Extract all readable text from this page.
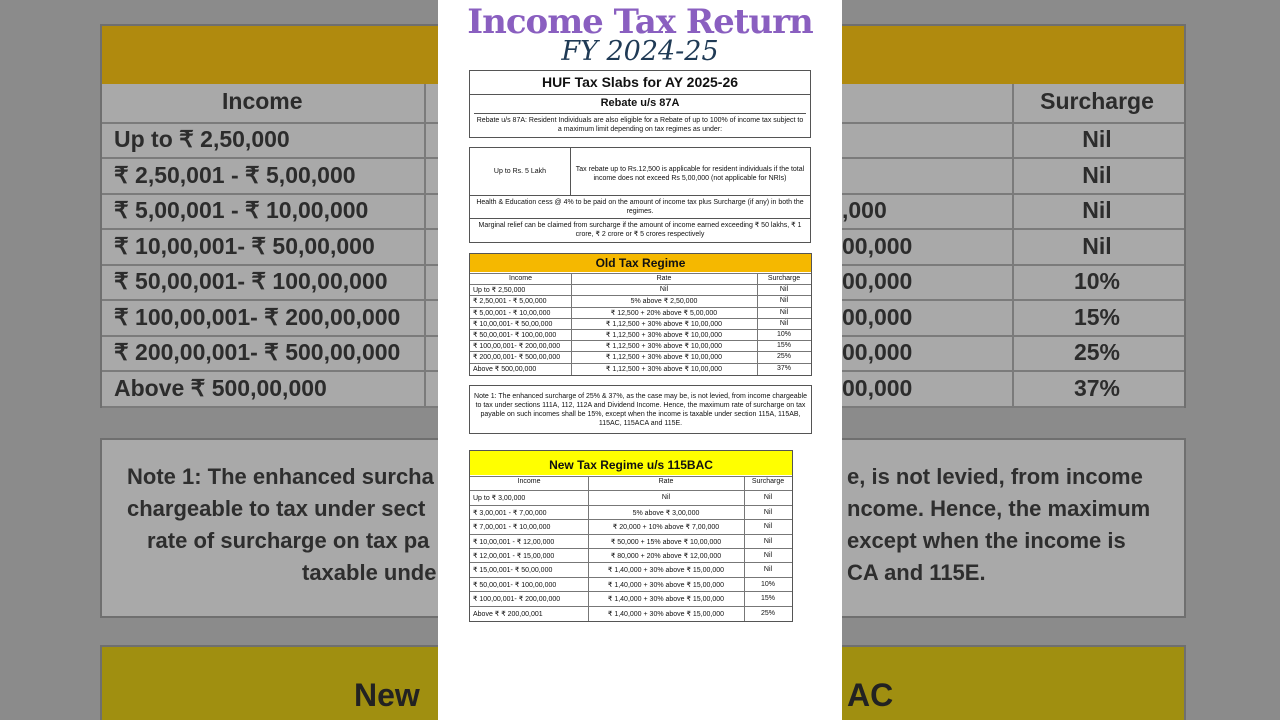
Income	Surcharge
Up to ₹ 2,50,000	Nil
₹ 2,50,001 - ₹ 5,00,000	Nil
₹ 5,00,001 - ₹ 10,00,000	,000	Nil
₹ 10,00,001- ₹ 50,00,000	00,000	Nil
₹ 50,00,001- ₹ 100,00,000	00,000	10%
₹ 100,00,001- ₹ 200,00,000	00,000	15%
₹ 200,00,001- ₹ 500,00,000	00,000	25%
Above ₹ 500,00,000	00,000	37%
Note 1: The enhanced surcha
chargeable to tax under sect
rate of surcharge on tax pa
taxable unde
e, is not levied, from income
ncome. Hence, the maximum
except when the income is
CA and 115E.
New	AC
Income Tax Return
FY 2024-25
HUF Tax Slabs for AY 2025-26
Rebate u/s 87A
Rebate u/s 87A: Resident Individuals are also eligible for a Rebate of up to 100% of income tax subject to a maximum limit depending on tax regimes as under:
Up to Rs. 5 Lakh	Tax rebate up to Rs.12,500 is applicable for resident individuals if the total income does not exceed Rs 5,00,000 (not applicable for NRIs)
Health & Education cess @ 4% to be paid on the amount of income tax plus Surcharge (if any) in both the regimes.
Marginal relief can be claimed from surcharge if the amount of income earned exceeding ₹ 50 lakhs, ₹ 1 crore, ₹ 2 crore or ₹ 5 crores respectively
Old Tax Regime
Income	Rate	Surcharge
Up to ₹ 2,50,000	Nil	Nil
₹ 2,50,001 - ₹ 5,00,000	5% above ₹ 2,50,000	Nil
₹ 5,00,001 - ₹ 10,00,000	₹ 12,500 + 20% above ₹ 5,00,000	Nil
₹ 10,00,001- ₹ 50,00,000	₹ 1,12,500 + 30% above ₹ 10,00,000	Nil
₹ 50,00,001- ₹ 100,00,000	₹ 1,12,500 + 30% above ₹ 10,00,000	10%
₹ 100,00,001- ₹ 200,00,000	₹ 1,12,500 + 30% above ₹ 10,00,000	15%
₹ 200,00,001- ₹ 500,00,000	₹ 1,12,500 + 30% above ₹ 10,00,000	25%
Above ₹ 500,00,000	₹ 1,12,500 + 30% above ₹ 10,00,000	37%
Note 1: The enhanced surcharge of 25% & 37%, as the case may be, is not levied, from income chargeable to tax under sections 111A, 112, 112A and Dividend Income. Hence, the maximum rate of surcharge on tax payable on such incomes shall be 15%, except when the income is taxable under section 115A, 115AB, 115AC, 115ACA and 115E.
New Tax Regime u/s 115BAC
Income	Rate	Surcharge
Up to ₹ 3,00,000	Nil	Nil
₹ 3,00,001 - ₹ 7,00,000	5% above ₹ 3,00,000	Nil
₹ 7,00,001 - ₹ 10,00,000	₹ 20,000 + 10% above ₹ 7,00,000	Nil
₹ 10,00,001 - ₹ 12,00,000	₹ 50,000 + 15% above ₹ 10,00,000	Nil
₹ 12,00,001 - ₹ 15,00,000	₹ 80,000 + 20% above ₹ 12,00,000	Nil
₹ 15,00,001- ₹ 50,00,000	₹ 1,40,000 + 30% above ₹ 15,00,000	Nil
₹ 50,00,001- ₹ 100,00,000	₹ 1,40,000 + 30% above ₹ 15,00,000	10%
₹ 100,00,001- ₹ 200,00,000	₹ 1,40,000 + 30% above ₹ 15,00,000	15%
Above ₹ ₹ 200,00,001	₹ 1,40,000 + 30% above ₹ 15,00,000	25%
